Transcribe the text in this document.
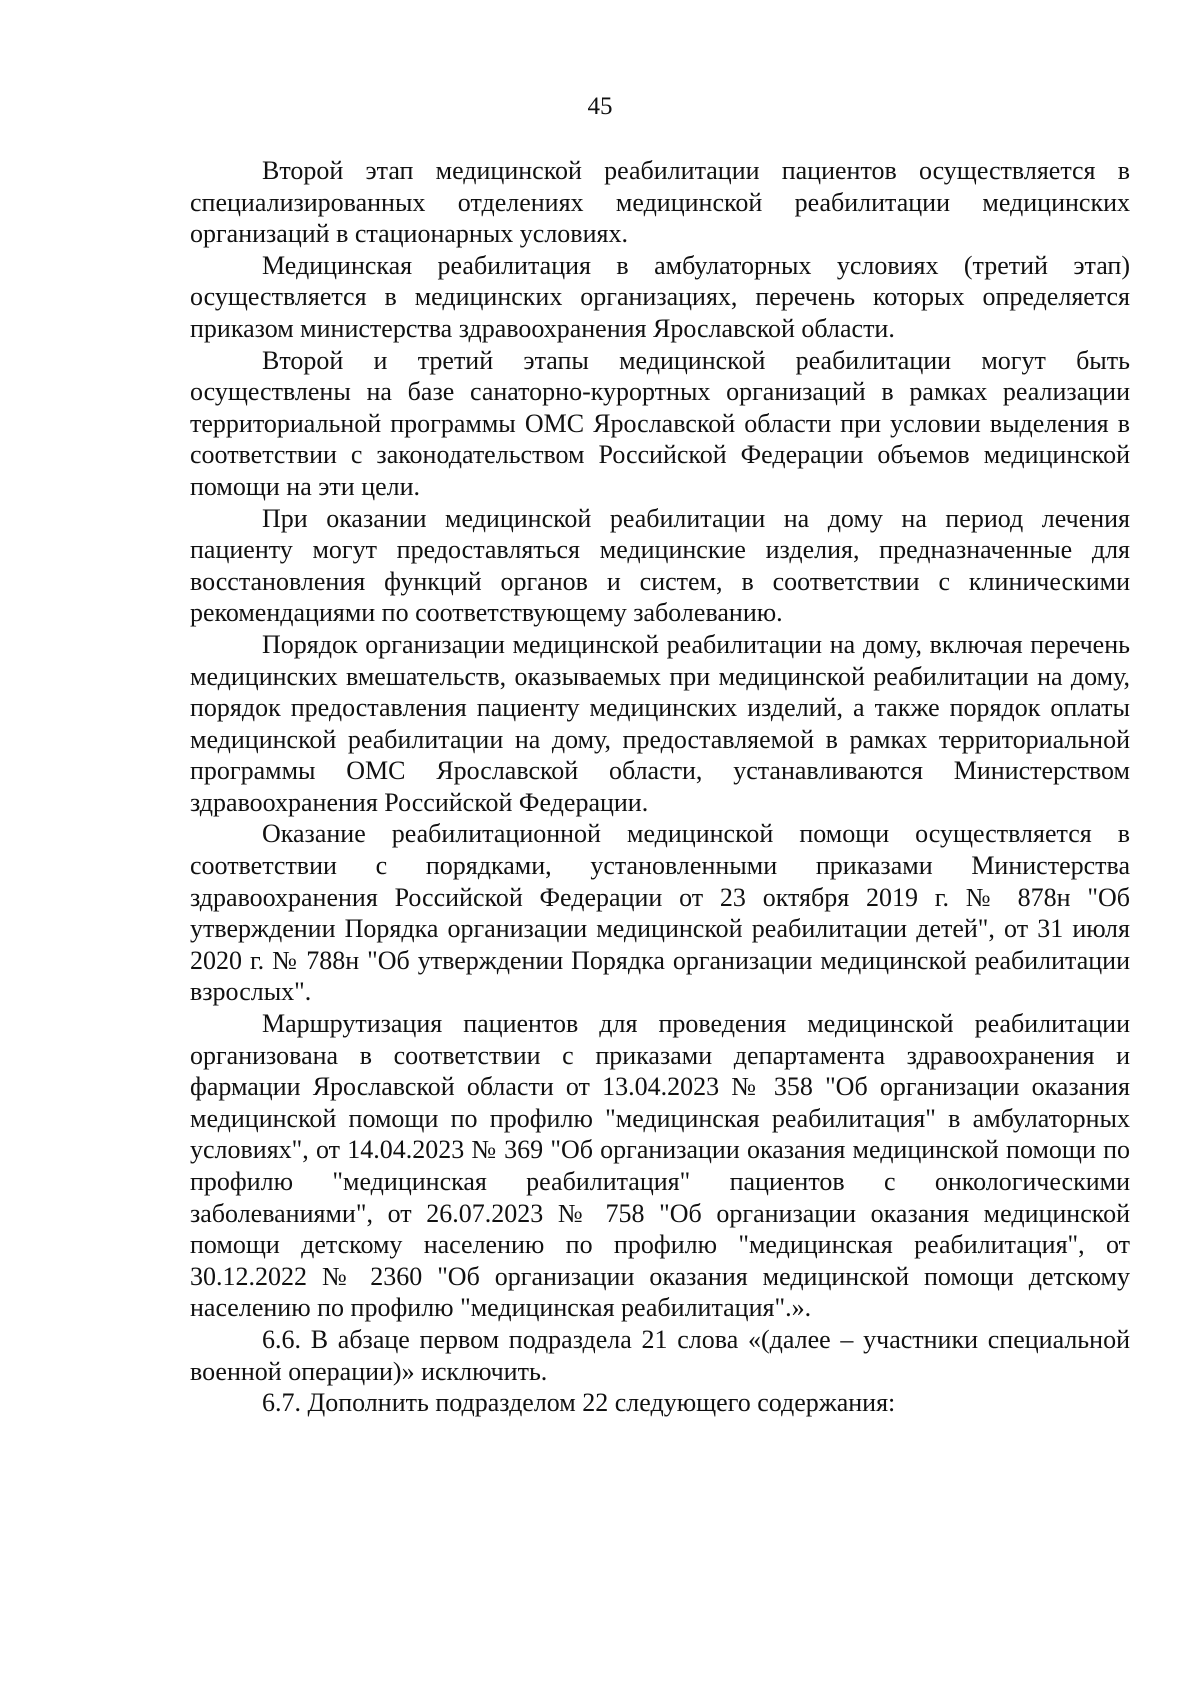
45

Второй этап медицинской реабилитации пациентов осуществляется в специализированных отделениях медицинской реабилитации медицинских организаций в стационарных условиях.

Медицинская реабилитация в амбулаторных условиях (третий этап) осуществляется в медицинских организациях, перечень которых определяется приказом министерства здравоохранения Ярославской области.

Второй и третий этапы медицинской реабилитации могут быть осуществлены на базе санаторно-курортных организаций в рамках реализации территориальной программы ОМС Ярославской области при условии выделения в соответствии с законодательством Российской Федерации объемов медицинской помощи на эти цели.

При оказании медицинской реабилитации на дому на период лечения пациенту могут предоставляться медицинские изделия, предназначенные для восстановления функций органов и систем, в соответствии с клиническими рекомендациями по соответствующему заболеванию.

Порядок организации медицинской реабилитации на дому, включая перечень медицинских вмешательств, оказываемых при медицинской реабилитации на дому, порядок предоставления пациенту медицинских изделий, а также порядок оплаты медицинской реабилитации на дому, предоставляемой в рамках территориальной программы ОМС Ярославской области, устанавливаются Министерством здравоохранения Российской Федерации.

Оказание реабилитационной медицинской помощи осуществляется в соответствии с порядками, установленными приказами Министерства здравоохранения Российской Федерации от 23 октября 2019 г. № 878н "Об утверждении Порядка организации медицинской реабилитации детей", от 31 июля 2020 г. № 788н "Об утверждении Порядка организации медицинской реабилитации взрослых".

Маршрутизация пациентов для проведения медицинской реабилитации организована в соответствии с приказами департамента здравоохранения и фармации Ярославской области от 13.04.2023 № 358 "Об организации оказания медицинской помощи по профилю "медицинская реабилитация" в амбулаторных условиях", от 14.04.2023 № 369 "Об организации оказания медицинской помощи по профилю "медицинская реабилитация" пациентов с онкологическими заболеваниями", от 26.07.2023 № 758 "Об организации оказания медицинской помощи детскому населению по профилю "медицинская реабилитация", от 30.12.2022 № 2360 "Об организации оказания медицинской помощи детскому населению по профилю "медицинская реабилитация".».

6.6. В абзаце первом подраздела 21 слова «(далее – участники специальной военной операции)» исключить.

6.7. Дополнить подразделом 22 следующего содержания:
